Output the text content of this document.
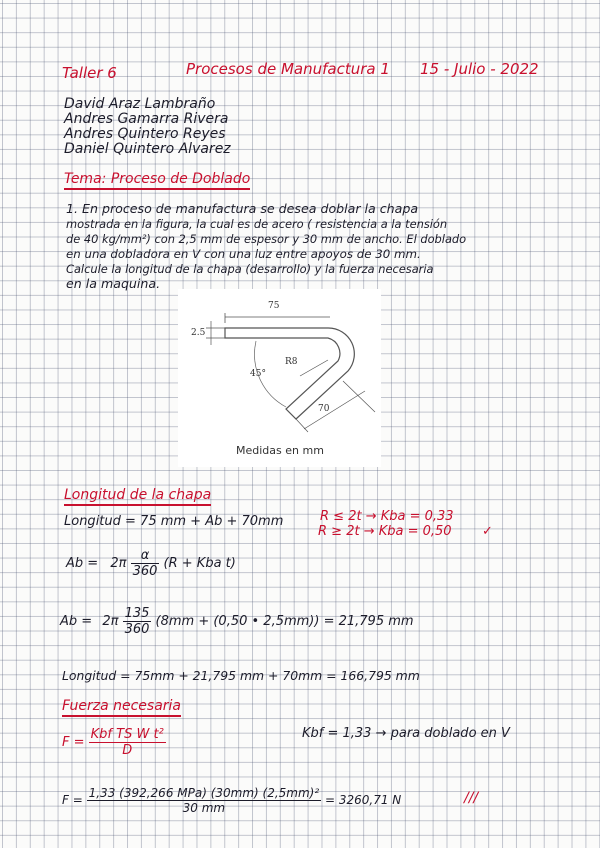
Taller 6	Procesos de Manufactura 1 15 - Julio - 2022
David Araz Lambraño
Andres Gamarra Rivera
Andres Quintero Reyes
Daniel Quintero Alvarez
Tema: Proceso de Doblado
1. En proceso de manufactura se desea doblar la chapa
mostrada en la figura, la cual es de acero ( resistencia a la tensión
de 40 kg/mm²) con 2,5 mm de espesor y 30 mm de ancho. El doblado
en una dobladora en V con una luz entre apoyos de 30 mm.
Calcule la longitud de la chapa (desarrollo) y la fuerza necesaria
en la maquina.
75
2.5
R8
45°
70
Medidas en mm
Longitud de la chapa
Longitud = 75 mm + Ab + 70mm	R ≤ 2t → Kba = 0,33
R ≥ 2t → Kba = 0,50 ✓
$Ab = 2\pi \frac{\alpha}{360} (R$ + Kba t)
$Ab = 2\pi \frac{135}{360} (8mm + (0,50$ • 2,5mm)) = 21,795 mm
Longitud = 75mm + 21,795 mm + 70mm = 166,795 mm
Fuerza necesaria
$F = \frac{\text{Kbf TS W t²}}{D}$	Kbf = 1,33 → para doblado en V
$F = \frac{\text{1,33 (392,266 MPa) (30mm) (2,5mm)²}}{30 mm} = 3260,71$ N	///
